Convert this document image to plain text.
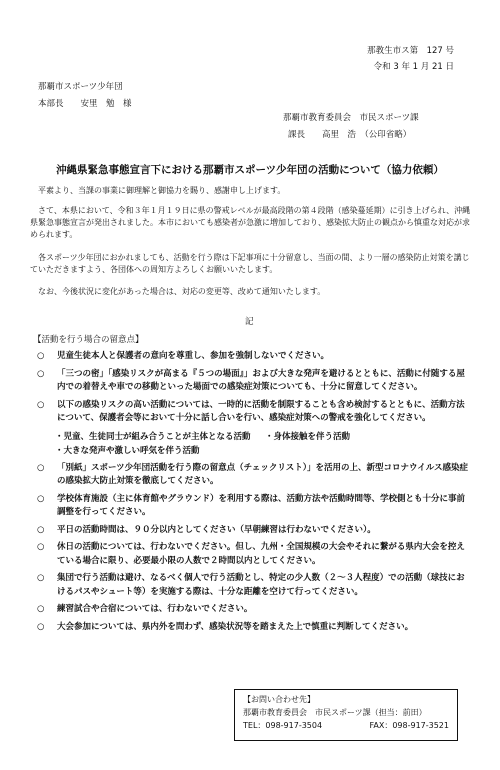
那教生市ス第　127 号
令和 3 年 1 月 21 日
那覇市スポーツ少年団
本部長　　安里　勉　様
那覇市教育委員会　市民スポーツ課
課長　　高里　浩　（公印省略）
沖縄県緊急事態宣言下における那覇市スポーツ少年団の活動について（協力依頼）
平素より、当課の事業に御理解と御協力を賜り、感謝申し上げます。
さて、本県において、令和３年１月１９日に県の警戒レベルが最高段階の第４段階（感染蔓延期）に引き上げられ、沖縄県緊急事態宣言が発出されました。本市においても感染者が急激に増加しており、感染拡大防止の観点から慎重な対応が求められます。
各スポーツ少年団におかれましても、活動を行う際は下記事項に十分留意し、当面の間、より一層の感染防止対策を講じていただきますよう、各団体への周知方よろしくお願いいたします。
なお、今後状況に変化があった場合は、対応の変更等、改めて通知いたします。
記
【活動を行う場合の留意点】
○ 児童生徒本人と保護者の意向を尊重し、参加を強制しないでください。
○ 「三つの密」「感染リスクが高まる『５つの場面』」および大きな発声を避けるとともに、活動に付随する屋内での着替えや車での移動といった場面での感染症対策についても、十分に留意してください。
○ 以下の感染リスクの高い活動については、一時的に活動を制限することも含め検討するとともに、活動方法について、保護者会等において十分に話し合いを行い、感染症対策への警戒を強化してください。
・児童、生徒同士が組み合うことが主体となる活動	・身体接触を伴う活動
・大きな発声や激しい呼気を伴う活動
○ 「別紙」スポーツ少年団活動を行う際の留意点（チェックリスト）」を活用の上、新型コロナウイルス感染症の感染拡大防止対策を徹底してください。
○ 学校体育施設（主に体育館やグラウンド）を利用する際は、活動方法や活動時間等、学校側とも十分に事前調整を行ってください。
○ 平日の活動時間は、９０分以内としてください（早朝練習は行わないでください）。
○ 休日の活動については、行わないでください。但し、九州・全国規模の大会やそれに繋がる県内大会を控えている場合に限り、必要最小限の人数で２時間以内としてください。
○ 集団で行う活動は避け、なるべく個人で行う活動とし、特定の少人数（２～３人程度）での活動（球技におけるパスやシュート等）を実施する際は、十分な距離を空けて行ってください。
○ 練習試合や合宿については、行わないでください。
○ 大会参加については、県内外を問わず、感染状況等を踏まえた上で慎重に判断してください。
【お問い合わせ先】
那覇市教育委員会　市民スポーツ課（担当：前田）
TEL：098-917-3504	FAX：098-917-3521
